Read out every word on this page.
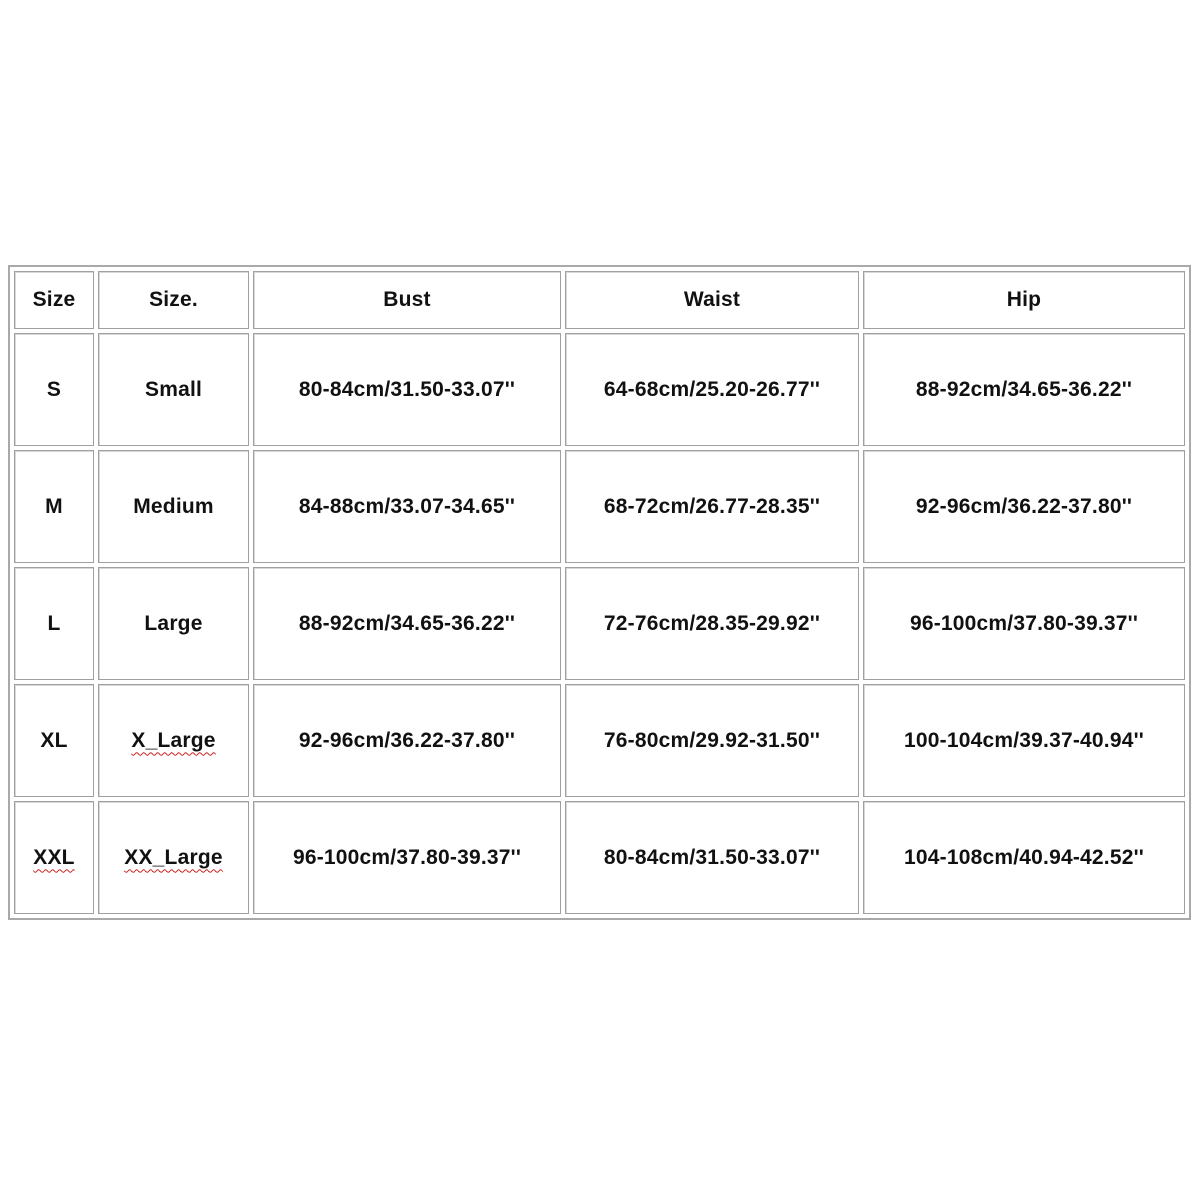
Size	Size.	Bust	Waist	Hip
S	Small	80-84cm/31.50-33.07''	64-68cm/25.20-26.77''	88-92cm/34.65-36.22''
M	Medium	84-88cm/33.07-34.65''	68-72cm/26.77-28.35''	92-96cm/36.22-37.80''
L	Large	88-92cm/34.65-36.22''	72-76cm/28.35-29.92''	96-100cm/37.80-39.37''
XL	X_Large	92-96cm/36.22-37.80''	76-80cm/29.92-31.50''	100-104cm/39.37-40.94''
XXL	XX_Large	96-100cm/37.80-39.37''	80-84cm/31.50-33.07''	104-108cm/40.94-42.52''
